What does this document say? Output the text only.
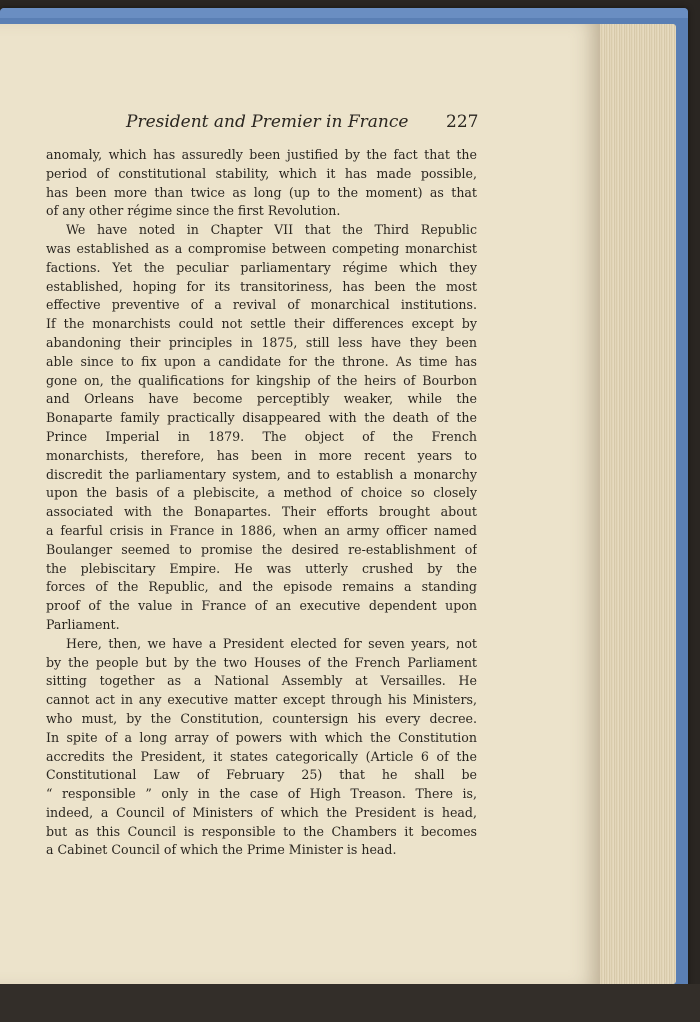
President and Premier in France 227
anomaly, which has assuredly been justified by the fact that the
period of constitutional stability, which it has made possible,
has been more than twice as long (up to the moment) as that
of any other régime since the first Revolution.
We have noted in Chapter VII that the Third Republic
was established as a compromise between competing monarchist
factions. Yet the peculiar parliamentary régime which they
established, hoping for its transitoriness, has been the most
effective preventive of a revival of monarchical institutions.
If the monarchists could not settle their differences except by
abandoning their principles in 1875, still less have they been
able since to fix upon a candidate for the throne. As time has
gone on, the qualifications for kingship of the heirs of Bourbon
and Orleans have become perceptibly weaker, while the
Bonaparte family practically disappeared with the death of the
Prince Imperial in 1879. The object of the French
monarchists, therefore, has been in more recent years to
discredit the parliamentary system, and to establish a monarchy
upon the basis of a plebiscite, a method of choice so closely
associated with the Bonapartes. Their efforts brought about
a fearful crisis in France in 1886, when an army officer named
Boulanger seemed to promise the desired re-establishment of
the plebiscitary Empire. He was utterly crushed by the
forces of the Republic, and the episode remains a standing
proof of the value in France of an executive dependent upon
Parliament.
Here, then, we have a President elected for seven years, not
by the people but by the two Houses of the French Parliament
sitting together as a National Assembly at Versailles. He
cannot act in any executive matter except through his Ministers,
who must, by the Constitution, countersign his every decree.
In spite of a long array of powers with which the Constitution
accredits the President, it states categorically (Article 6 of the
Constitutional Law of February 25) that he shall be
“ responsible ” only in the case of High Treason. There is,
indeed, a Council of Ministers of which the President is head,
but as this Council is responsible to the Chambers it becomes
a Cabinet Council of which the Prime Minister is head.
